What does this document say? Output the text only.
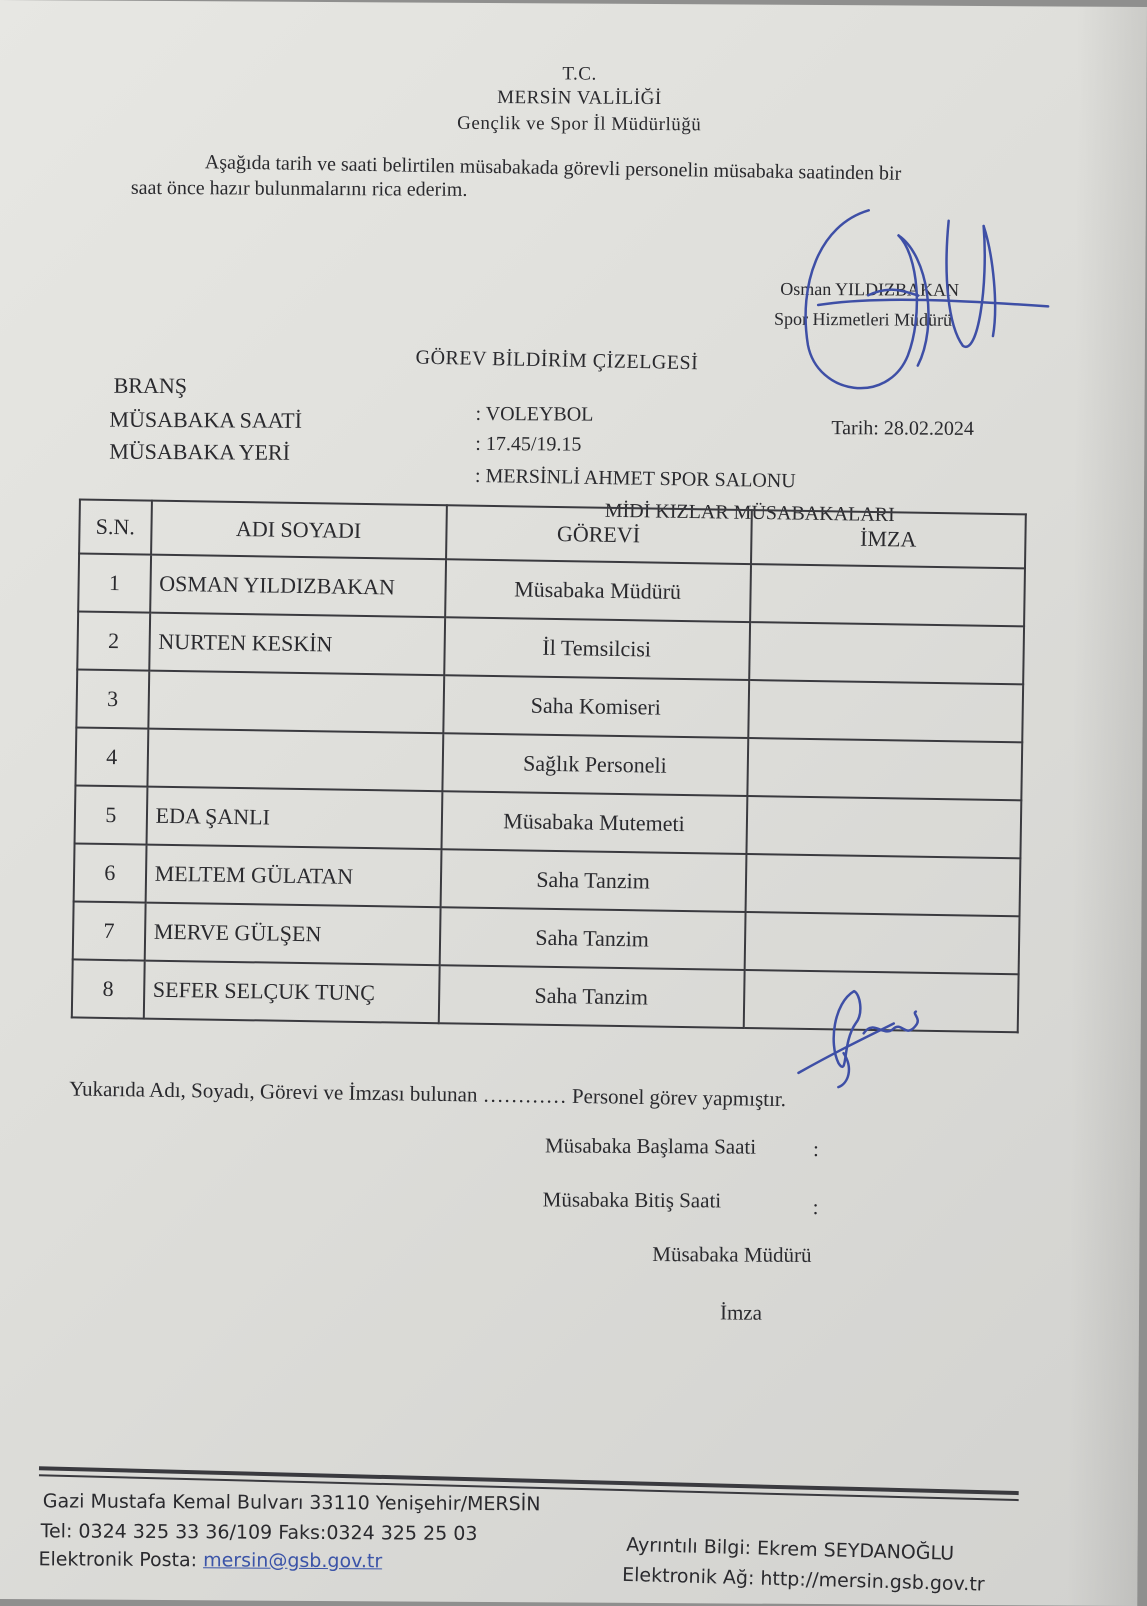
T.C.
MERSİN VALİLİĞİ
Gençlik ve Spor İl Müdürlüğü
Aşağıda tarih ve saati belirtilen müsabakada görevli personelin müsabaka saatinden bir
saat önce hazır bulunmalarını rica ederim.
Osman YILDIZBAKAN
Spor Hizmetleri Müdürü
GÖREV BİLDİRİM ÇİZELGESİ
BRANŞ
MÜSABAKA SAATİ
MÜSABAKA YERİ
: VOLEYBOL
: 17.45/19.15
: MERSİNLİ AHMET SPOR SALONU
MİDİ KIZLAR MÜSABAKALARI
Tarih: 28.02.2024
S.N.	ADI SOYADI	GÖREVİ	İMZA
1	OSMAN YILDIZBAKAN	Müsabaka Müdürü	
2	NURTEN KESKİN	İl Temsilcisi	
3		Saha Komiseri	
4		Sağlık Personeli	
5	EDA ŞANLI	Müsabaka Mutemeti	
6	MELTEM GÜLATAN	Saha Tanzim	
7	MERVE GÜLŞEN	Saha Tanzim	
8	SEFER SELÇUK TUNÇ	Saha Tanzim	
Yukarıda Adı, Soyadı, Görevi ve İmzası bulunan ………… Personel görev yapmıştır.
Müsabaka Başlama Saati	:
Müsabaka Bitiş Saati	:
Müsabaka Müdürü
İmza
Gazi Mustafa Kemal Bulvarı 33110 Yenişehir/MERSİN
Tel: 0324 325 33 36/109 Faks:0324 325 25 03
Elektronik Posta: mersin@gsb.gov.tr	Ayrıntılı Bilgi: Ekrem SEYDANOĞLU
Elektronik Ağ: http://mersin.gsb.gov.tr
